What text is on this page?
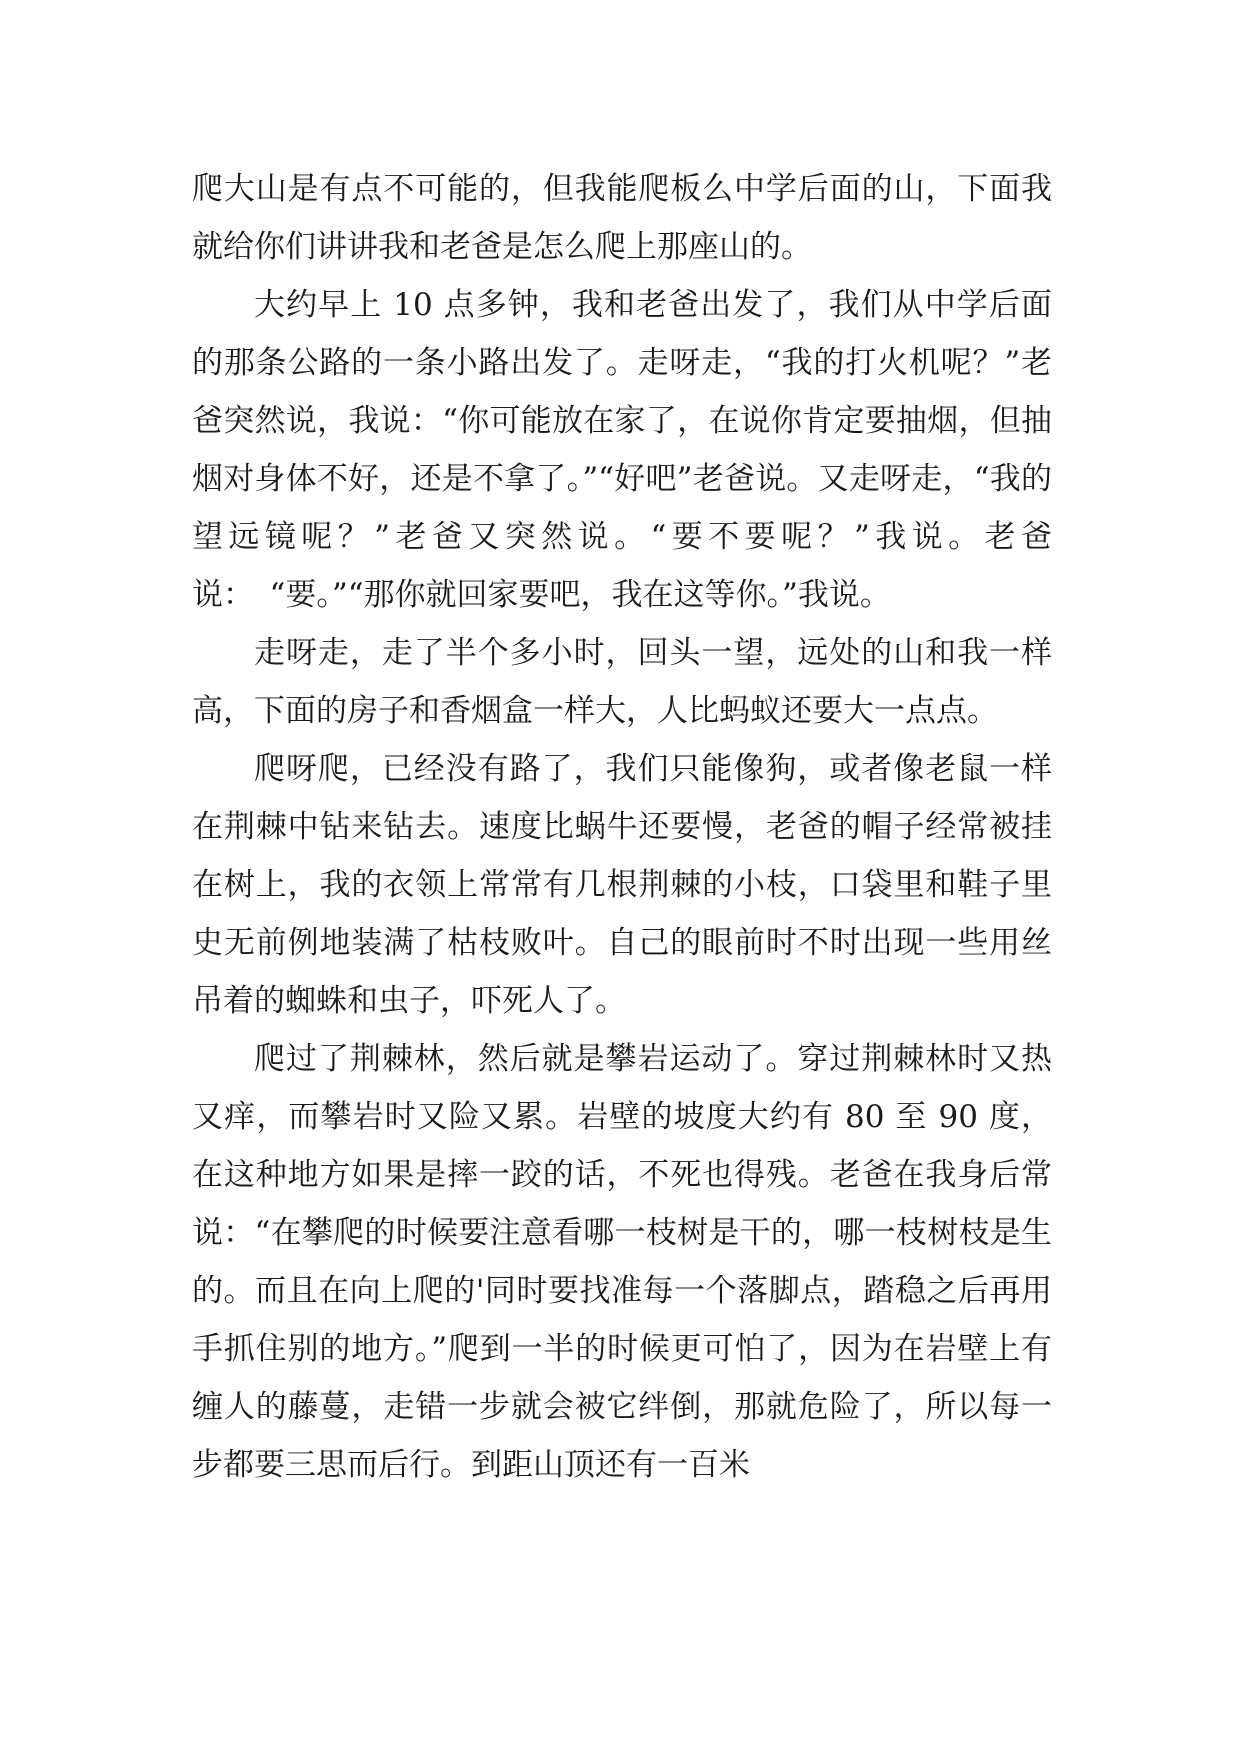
爬大山是有点不可能的，但我能爬板么中学后面的山，下面我就给你们讲讲我和老爸是怎么爬上那座山的。

大约早上 10 点多钟，我和老爸出发了，我们从中学后面的那条公路的一条小路出发了。走呀走，“我的打火机呢？”老爸突然说，我说：“你可能放在家了，在说你肯定要抽烟，但抽烟对身体不好，还是不拿了。”“好吧”老爸说。又走呀走，“我的望远镜呢？”老爸又突然说。“要不要呢？”我说。老爸说：　“要。”“那你就回家要吧，我在这等你。”我说。

走呀走，走了半个多小时，回头一望，远处的山和我一样高，下面的房子和香烟盒一样大，人比蚂蚁还要大一点点。

爬呀爬，已经没有路了，我们只能像狗，或者像老鼠一样在荆棘中钻来钻去。速度比蜗牛还要慢，老爸的帽子经常被挂在树上，我的衣领上常常有几根荆棘的小枝，口袋里和鞋子里史无前例地装满了枯枝败叶。自己的眼前时不时出现一些用丝吊着的蜘蛛和虫子，吓死人了。

爬过了荆棘林，然后就是攀岩运动了。穿过荆棘林时又热又痒，而攀岩时又险又累。岩壁的坡度大约有 80 至 90 度，在这种地方如果是摔一跤的话，不死也得残。老爸在我身后常说：“在攀爬的时候要注意看哪一枝树是干的，哪一枝树枝是生的。而且在向上爬的'同时要找准每一个落脚点，踏稳之后再用手抓住别的地方。”爬到一半的时候更可怕了，因为在岩壁上有缠人的藤蔓，走错一步就会被它绊倒，那就危险了，所以每一步都要三思而后行。到距山顶还有一百米
